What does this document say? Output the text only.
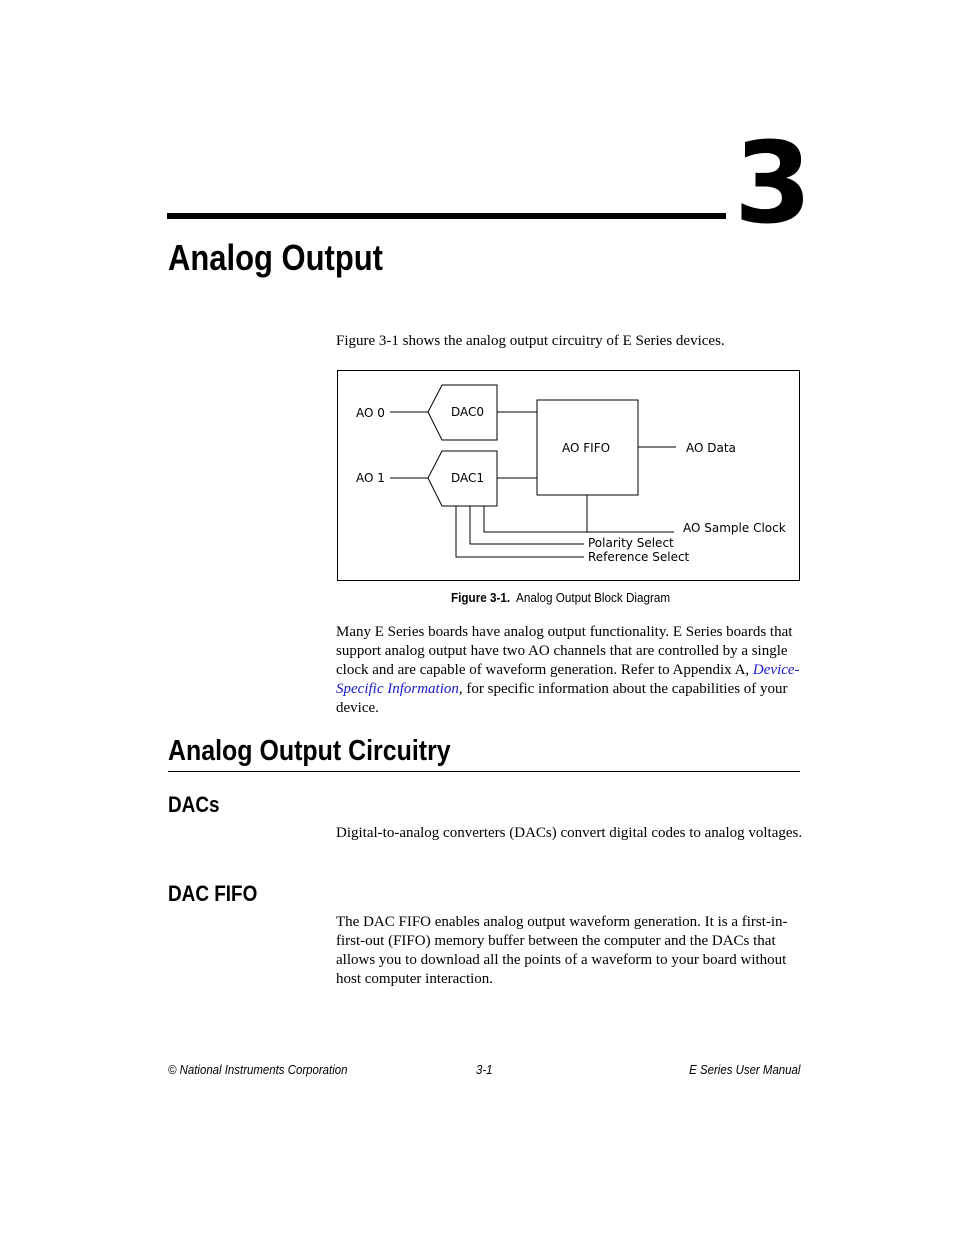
3
Analog Output
Figure 3-1 shows the analog output circuitry of E Series devices.
AO 0
AO 1
DAC0
DAC1
AO FIFO	AO Data
AO Sample Clock
Polarity Select
Reference Select
Figure 3-1. Analog Output Block Diagram
Many E Series boards have analog output functionality. E Series boards that support analog output have two AO channels that are controlled by a single clock and are capable of waveform generation. Refer to Appendix A, Device-Specific Information, for specific information about the capabilities of your device.
Analog Output Circuitry
DACs
Digital-to-analog converters (DACs) convert digital codes to analog voltages.
DAC FIFO
The DAC FIFO enables analog output waveform generation. It is a first-in-first-out (FIFO) memory buffer between the computer and the DACs that allows you to download all the points of a waveform to your board without host computer interaction.
© National Instruments Corporation	3-1	E Series User Manual
